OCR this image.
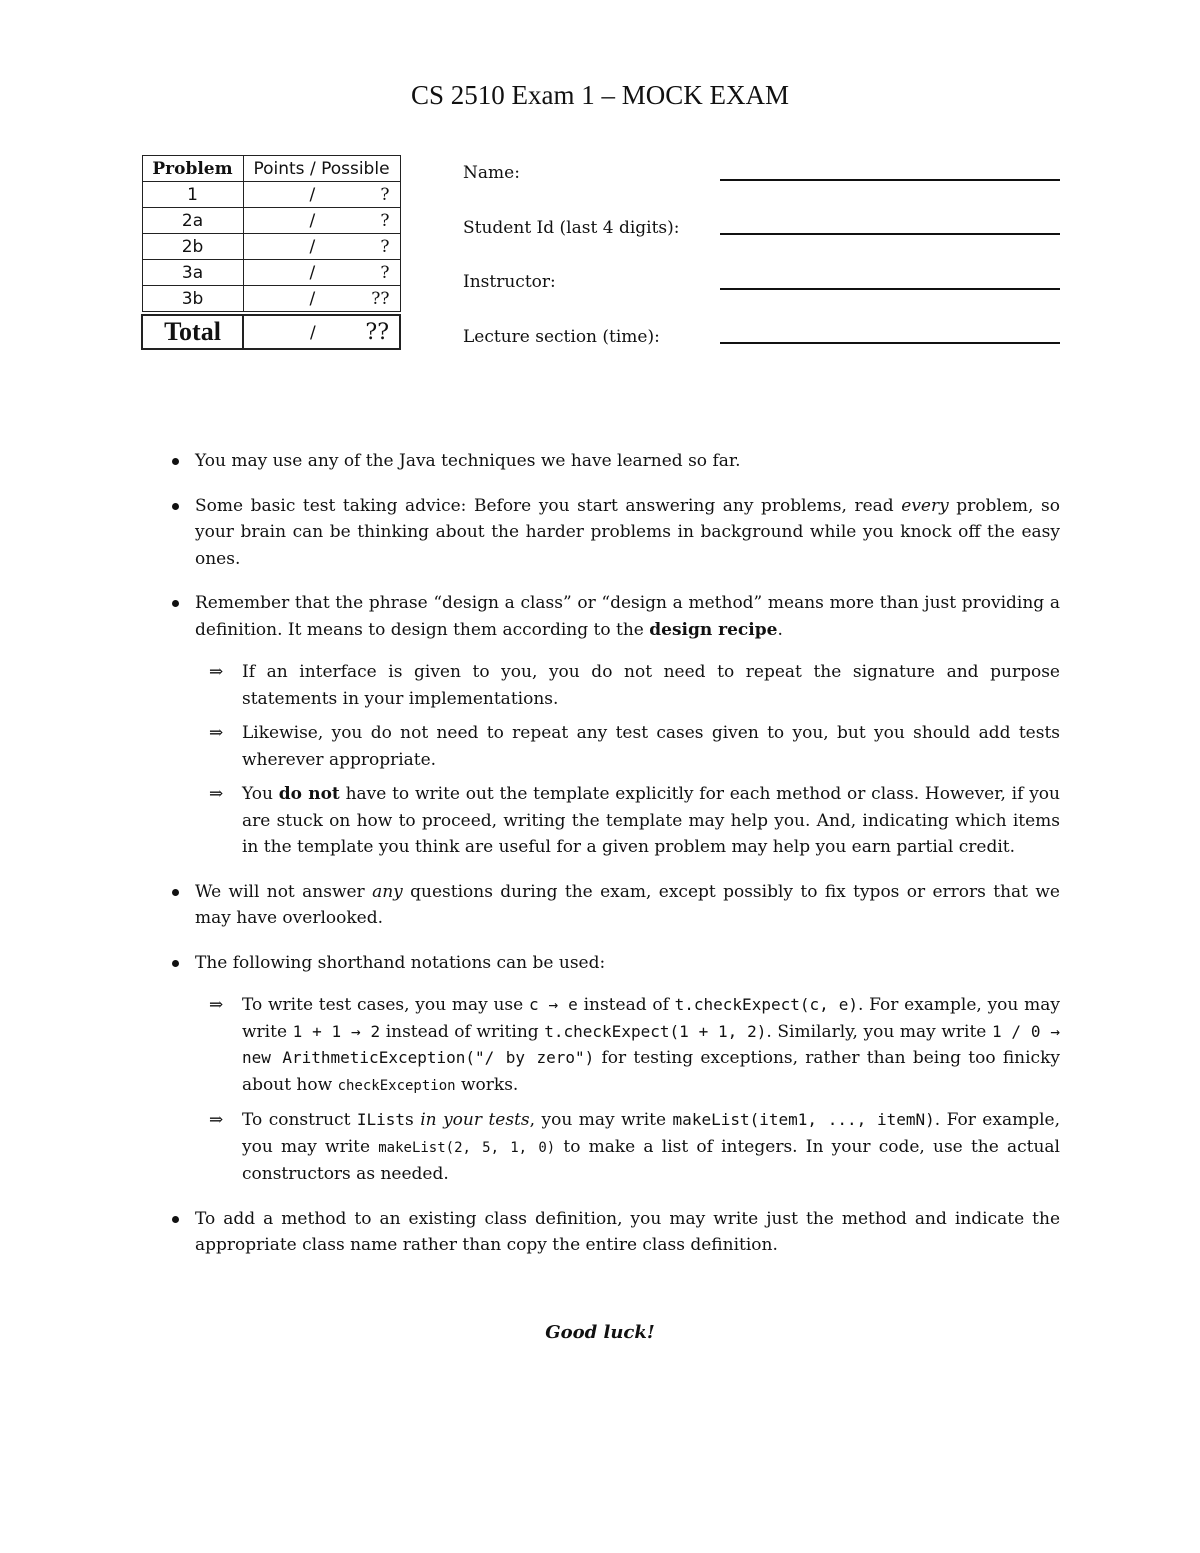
CS 2510 Exam 1 – MOCK EXAM
Problem	Points / Possible
1	/ ?

2a	/ ?

2b	/ ?

3a	/ ?

3b	/ ??

Total	/ ??
Name:
Student Id (last 4 digits):
Instructor:
Lecture section (time):
You may use any of the Java techniques we have learned so far.
Some basic test taking advice: Before you start answering any problems, read every problem, so your brain can be thinking about the harder problems in background while you knock off the easy ones.
Remember that the phrase “design a class” or “design a method” means more than just providing a definition. It means to design them according to the design recipe.
⇒ If an interface is given to you, you do not need to repeat the signature and purpose statements in your implementations.
⇒ Likewise, you do not need to repeat any test cases given to you, but you should add tests wherever appropriate.
⇒ You do not have to write out the template explicitly for each method or class. However, if you are stuck on how to proceed, writing the template may help you. And, indicating which items in the template you think are useful for a given problem may help you earn partial credit.
We will not answer any questions during the exam, except possibly to fix typos or errors that we may have overlooked.
The following shorthand notations can be used:
⇒ To write test cases, you may use c → e instead of t.checkExpect(c, e). For example, you may write 1 + 1 → 2 instead of writing t.checkExpect(1 + 1, 2). Similarly, you may write 1 / 0 → new ArithmeticException("/ by zero") for testing exceptions, rather than being too finicky about how checkException works.
⇒ To construct ILists in your tests, you may write makeList(item1, ..., itemN). For example, you may write makeList(2, 5, 1, 0) to make a list of integers. In your code, use the actual constructors as needed.
To add a method to an existing class definition, you may write just the method and indicate the appropriate class name rather than copy the entire class definition.
Good luck!
